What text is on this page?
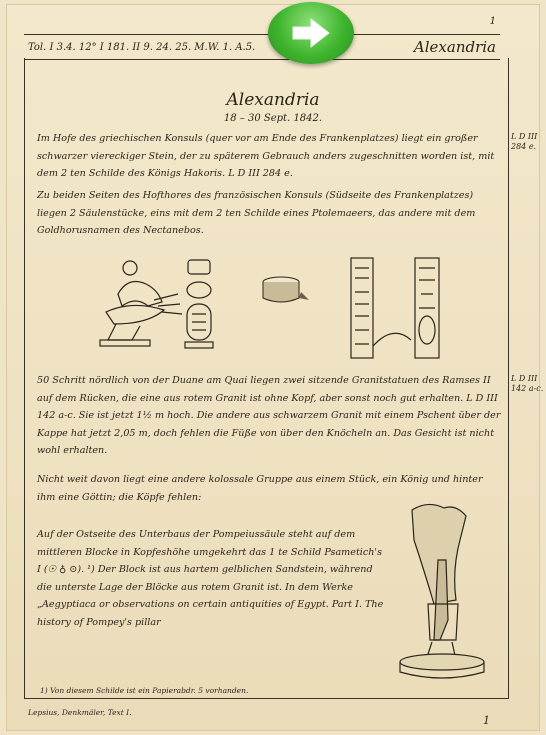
1
Tol. I 3.4. 12° I 181. II 9. 24. 25. M.W. 1. A.5.	Alexandria
Alexandria
18 – 30 Sept. 1842.
Im Hofe des griechischen Konsuls (quer vor am Ende des Frankenplatzes) liegt ein großer schwarzer viereckiger Stein, der zu späterem Gebrauch anders zugeschnitten worden ist, mit dem 2 ten Schilde des Königs Hakoris. L D III 284 e.
L D III 284 e.
Zu beiden Seiten des Hofthores des französischen Konsuls (Südseite des Frankenplatzes) liegen 2 Säulenstücke, eins mit dem 2 ten Schilde eines Ptolemaeers, das andere mit dem Goldhorusnamen des Nectanebos.
50 Schritt nördlich von der Duane am Quai liegen zwei sitzende Granitstatuen des Ramses II auf dem Rücken, die eine aus rotem Granit ist ohne Kopf, aber sonst noch gut erhalten. L D III 142 a-c. Sie ist jetzt 1½ m hoch. Die andere aus schwarzem Granit mit einem Pschent über der Kappe hat jetzt 2,05 m, doch fehlen die Füße von über den Knöcheln an. Das Gesicht ist nicht wohl erhalten.
L D III 142 a-c.
Nicht weit davon liegt eine andere kolossale Gruppe aus einem Stück, ein König und hinter ihm eine Göttin; die Köpfe fehlen:
Auf der Ostseite des Unterbaus der Pompeiussäule steht auf dem mittleren Blocke in Kopfeshöhe umgekehrt das 1 te Schild Psametich's I (☉ ♁ ⊙). ¹) Der Block ist aus hartem gelblichen Sandstein, während die unterste Lage der Blöcke aus rotem Granit ist. In dem Werke „Aegyptiaca or observations on certain antiquities of Egypt. Part I. The history of Pompey's pillar
1) Von diesem Schilde ist ein Papierabdr. 5 vorhanden.
Lepsius, Denkmäler, Text I.
1
